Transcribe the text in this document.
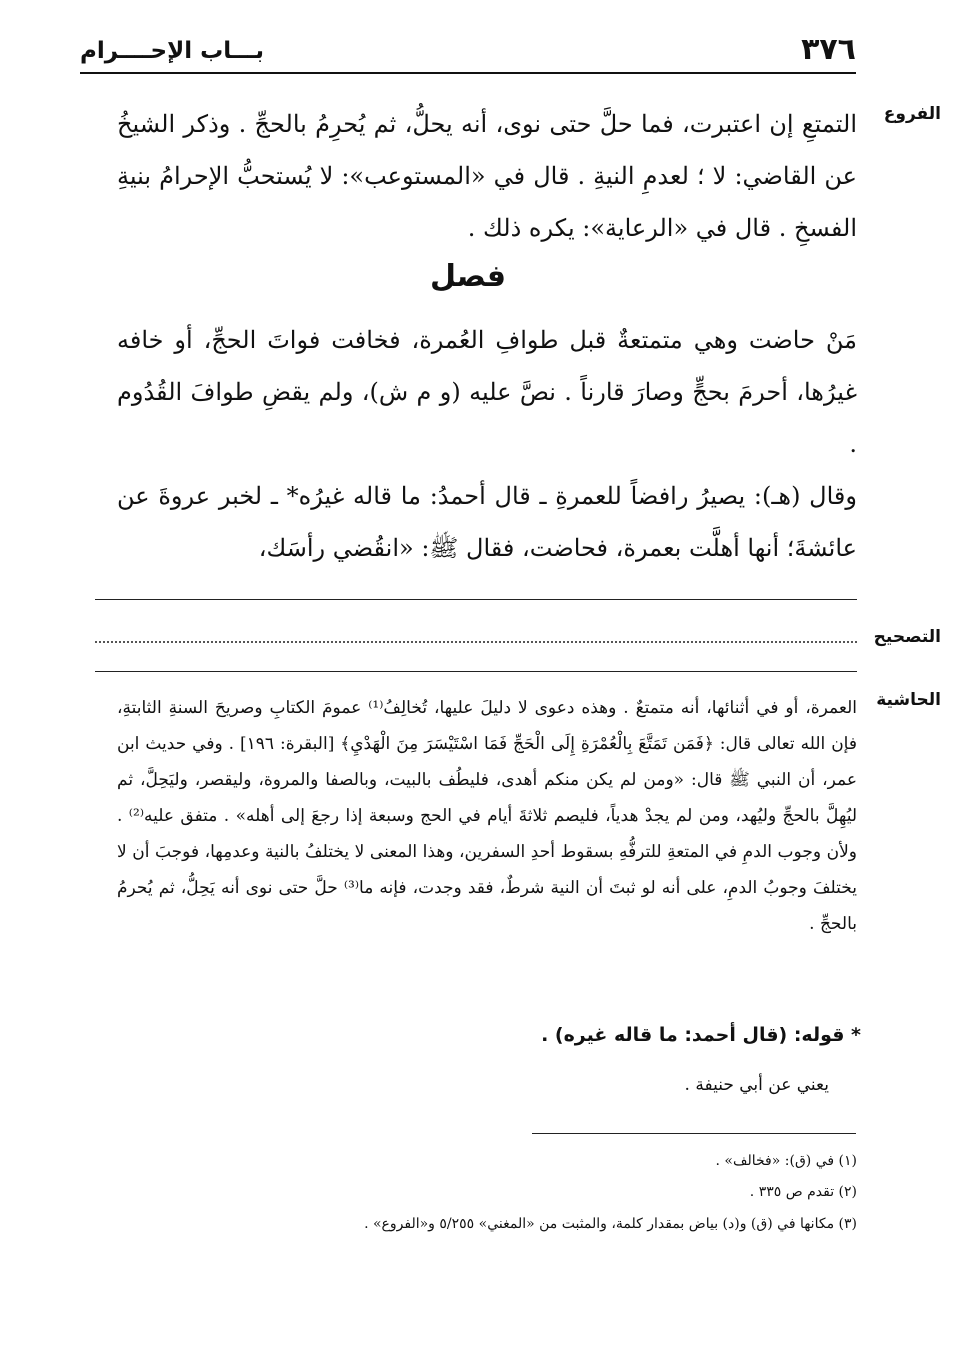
٣٧٦
بـــاب الإحــــرام
الفروع
التصحيح
الحاشية

التمتعِ إن اعتبرت، فما حلَّ حتى نوى، أنه يحلُّ، ثم يُحرِمُ بالحجِّ . وذكر الشيخُ عن القاضي: لا ؛ لعدمِ النيةِ . قال في «المستوعب»: لا يُستحبُّ الإحرامُ بنيةِ الفسخِ . قال في «الرعاية»: يكره ذلك .

فصل

مَنْ حاضت وهي متمتعةٌ قبل طوافِ العُمرة، فخافت فواتَ الحجِّ، أو خافه غيرُها، أحرمَ بحجٍّ وصارَ قارناً . نصَّ عليه (و م ش)، ولم يقضِ طوافَ القُدُوم .

وقال (هـ): يصيرُ رافضاً للعمرةِ ـ قال أحمدُ: ما قاله غيرُه* ـ لخبر عروةَ عن عائشةَ؛ أنها أهلَّت بعمرة، فحاضت، فقال ﷺ: «انقُضي رأسَك،

العمرة، أو في أثنائها، أنه متمتعٌ . وهذه دعوى لا دليلَ عليها، تُخالِفُ⁽¹⁾ عمومَ الكتابِ وصريحَ السنةِ الثابتةِ، فإن الله تعالى قال: ﴿فَمَن تَمَتَّعَ بِالْعُمْرَةِ إِلَى الْحَجِّ فَمَا اسْتَيْسَرَ مِنَ الْهَدْيِ﴾ [البقرة: ١٩٦] . وفي حديث ابن عمر، أن النبي ﷺ قال: «ومن لم يكن منكم أهدى، فليطُف بالبيت، وبالصفا والمروة، وليقصر، وليَحِلَّ، ثم ليُهِلَّ بالحجِّ وليُهد، ومن لم يجدْ هدياً، فليصم ثلاثةَ أيام في الحج وسبعة إذا رجعَ إلى أهله» . متفق عليه⁽²⁾ . ولأن وجوب الدمِ في المتعةِ للترفُّهِ بسقوط أحدِ السفرين، وهذا المعنى لا يختلفُ بالنية وعدمِها، فوجبَ أن لا يختلفَ وجوبُ الدمِ، على أنه لو ثبتَ أن النية شرطٌ، فقد وجدت، فإنه ما⁽³⁾ حلَّ حتى نوى أنه يَحِلُّ، ثم يُحرمُ بالحجِّ .

* قوله: (قال أحمد: ما قاله غيره) .
يعني عن أبي حنيفة .
(١) في (ق): «فخالف» .
(٢) تقدم ص ٣٣٥ .
(٣) مكانها في (ق) و(د) بياض بمقدار كلمة، والمثبت من «المغني» ٥/٢٥٥ و«الفروع» .
